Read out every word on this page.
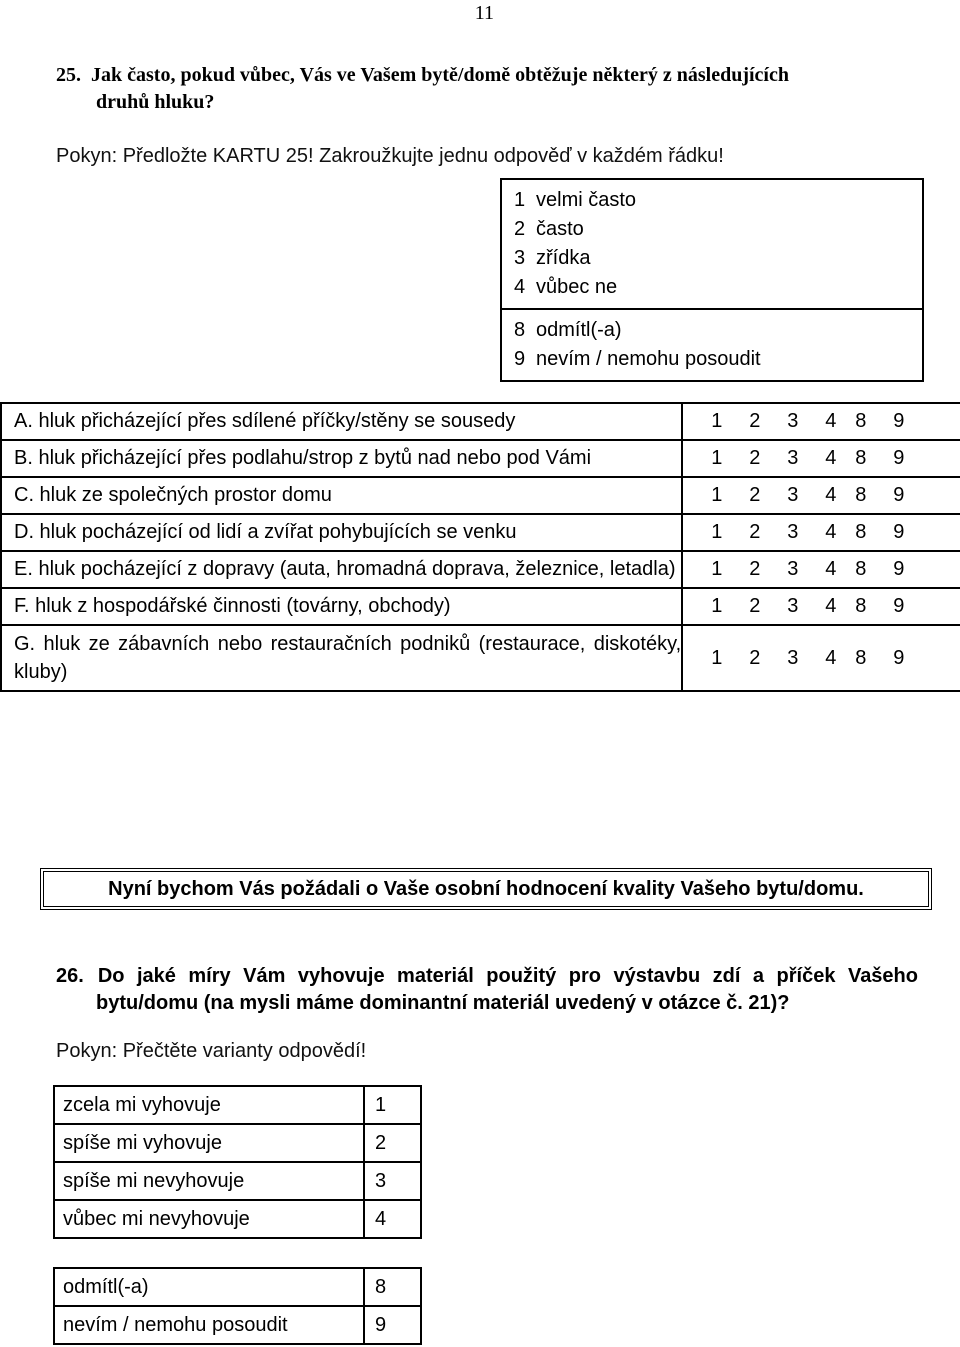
11
25. Jak často, pokud vůbec, Vás ve Vašem bytě/domě obtěžuje některý z následujících
druhů hluku?
Pokyn: Předložte KARTU 25! Zakroužkujte jednu odpověď v každém řádku!
1 velmi často
2 často
3 zřídka
4 vůbec ne
8 odmítl(-a)
9 nevím / nemohu posoudit
A. hluk přicházející přes sdílené příčky/stěny se sousedy	1 2 3 4 8 9
B. hluk přicházející přes podlahu/strop z bytů nad nebo pod Vámi	1 2 3 4 8 9
C. hluk ze společných prostor domu	1 2 3 4 8 9
D. hluk pocházející od lidí a zvířat pohybujících se venku	1 2 3 4 8 9
E. hluk pocházející z dopravy (auta, hromadná doprava, železnice, letadla)	1 2 3 4 8 9
F. hluk z hospodářské činnosti (továrny, obchody)	1 2 3 4 8 9
G. hluk ze zábavních nebo restauračních podniků (restaurace, diskotéky, kluby)	1 2 3 4 8 9
Nyní bychom Vás požádali o Vaše osobní hodnocení kvality Vašeho bytu/domu.
26. Do jaké míry Vám vyhovuje materiál použitý pro výstavbu zdí a příček Vašeho
bytu/domu (na mysli máme dominantní materiál uvedený v otázce č. 21)?
Pokyn: Přečtěte varianty odpovědí!
zcela mi vyhovuje	1
spíše mi vyhovuje	2
spíše mi nevyhovuje	3
vůbec mi nevyhovuje	4
odmítl(-a)	8
nevím / nemohu posoudit	9
